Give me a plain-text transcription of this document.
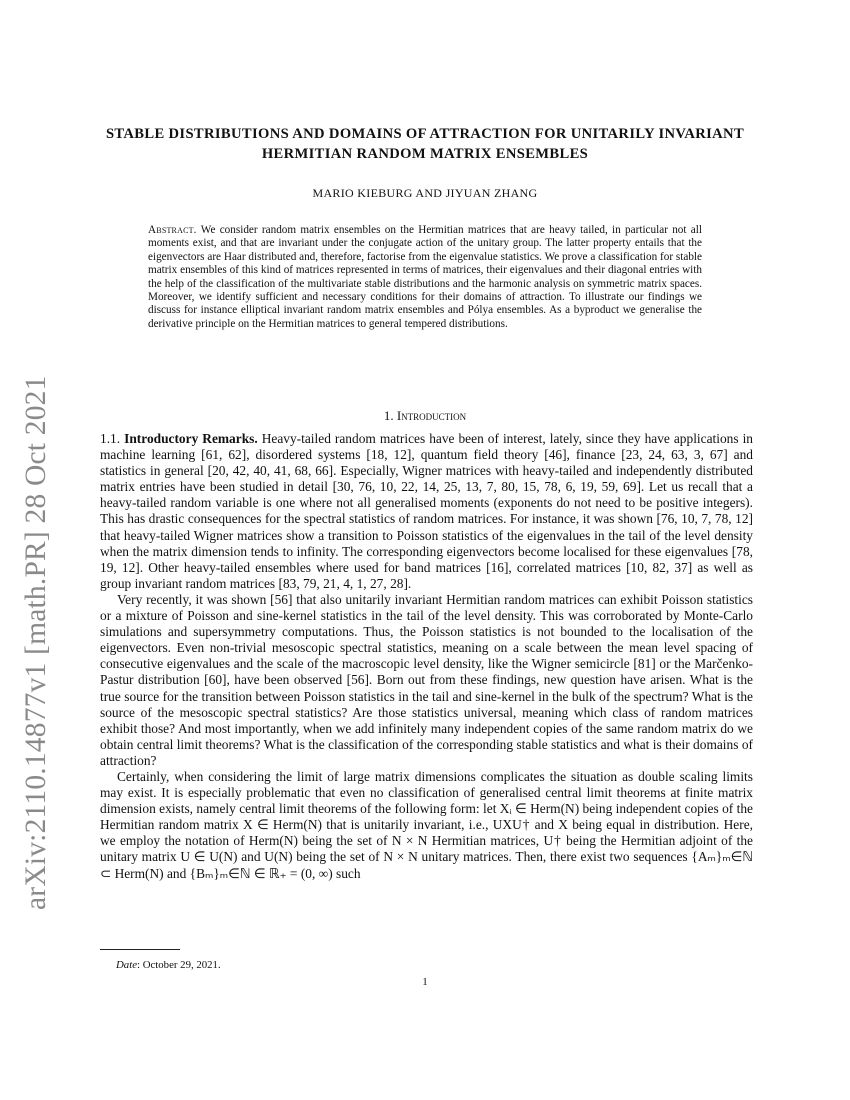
arXiv:2110.14877v1 [math.PR] 28 Oct 2021
STABLE DISTRIBUTIONS AND DOMAINS OF ATTRACTION FOR UNITARILY INVARIANT HERMITIAN RANDOM MATRIX ENSEMBLES
MARIO KIEBURG AND JIYUAN ZHANG
Abstract. We consider random matrix ensembles on the Hermitian matrices that are heavy tailed, in particular not all moments exist, and that are invariant under the conjugate action of the unitary group. The latter property entails that the eigenvectors are Haar distributed and, therefore, factorise from the eigenvalue statistics. We prove a classification for stable matrix ensembles of this kind of matrices represented in terms of matrices, their eigenvalues and their diagonal entries with the help of the classification of the multivariate stable distributions and the harmonic analysis on symmetric matrix spaces. Moreover, we identify sufficient and necessary conditions for their domains of attraction. To illustrate our findings we discuss for instance elliptical invariant random matrix ensembles and Pólya ensembles. As a byproduct we generalise the derivative principle on the Hermitian matrices to general tempered distributions.
1. Introduction

1.1. Introductory Remarks. Heavy-tailed random matrices have been of interest, lately, since they have applications in machine learning [61, 62], disordered systems [18, 12], quantum field theory [46], finance [23, 24, 63, 3, 67] and statistics in general [20, 42, 40, 41, 68, 66]. Especially, Wigner matrices with heavy-tailed and independently distributed matrix entries have been studied in detail [30, 76, 10, 22, 14, 25, 13, 7, 80, 15, 78, 6, 19, 59, 69]. Let us recall that a heavy-tailed random variable is one where not all generalised moments (exponents do not need to be positive integers). This has drastic consequences for the spectral statistics of random matrices. For instance, it was shown [76, 10, 7, 78, 12] that heavy-tailed Wigner matrices show a transition to Poisson statistics of the eigenvalues in the tail of the level density when the matrix dimension tends to infinity. The corresponding eigenvectors become localised for these eigenvalues [78, 19, 12]. Other heavy-tailed ensembles where used for band matrices [16], correlated matrices [10, 82, 37] as well as group invariant random matrices [83, 79, 21, 4, 1, 27, 28].

Very recently, it was shown [56] that also unitarily invariant Hermitian random matrices can exhibit Poisson statistics or a mixture of Poisson and sine-kernel statistics in the tail of the level density. This was corroborated by Monte-Carlo simulations and supersymmetry computations. Thus, the Poisson statistics is not bounded to the localisation of the eigenvectors. Even non-trivial mesoscopic spectral statistics, meaning on a scale between the mean level spacing of consecutive eigenvalues and the scale of the macroscopic level density, like the Wigner semicircle [81] or the Marčenko-Pastur distribution [60], have been observed [56]. Born out from these findings, new question have arisen. What is the true source for the transition between Poisson statistics in the tail and sine-kernel in the bulk of the spectrum? What is the source of the mesoscopic spectral statistics? Are those statistics universal, meaning which class of random matrices exhibit those? And most importantly, when we add infinitely many independent copies of the same random matrix do we obtain central limit theorems? What is the classification of the corresponding stable statistics and what is their domains of attraction?

Certainly, when considering the limit of large matrix dimensions complicates the situation as double scaling limits may exist. It is especially problematic that even no classification of generalised central limit theorems at finite matrix dimension exists, namely central limit theorems of the following form: let Xᵢ ∈ Herm(N) being independent copies of the Hermitian random matrix X ∈ Herm(N) that is unitarily invariant, i.e., UXU† and X being equal in distribution. Here, we employ the notation of Herm(N) being the set of N × N Hermitian matrices, U† being the Hermitian adjoint of the unitary matrix U ∈ U(N) and U(N) being the set of N × N unitary matrices. Then, there exist two sequences {Aₘ}ₘ∈ℕ ⊂ Herm(N) and {Bₘ}ₘ∈ℕ ∈ ℝ₊ = (0, ∞) such

Date: October 29, 2021.
1
